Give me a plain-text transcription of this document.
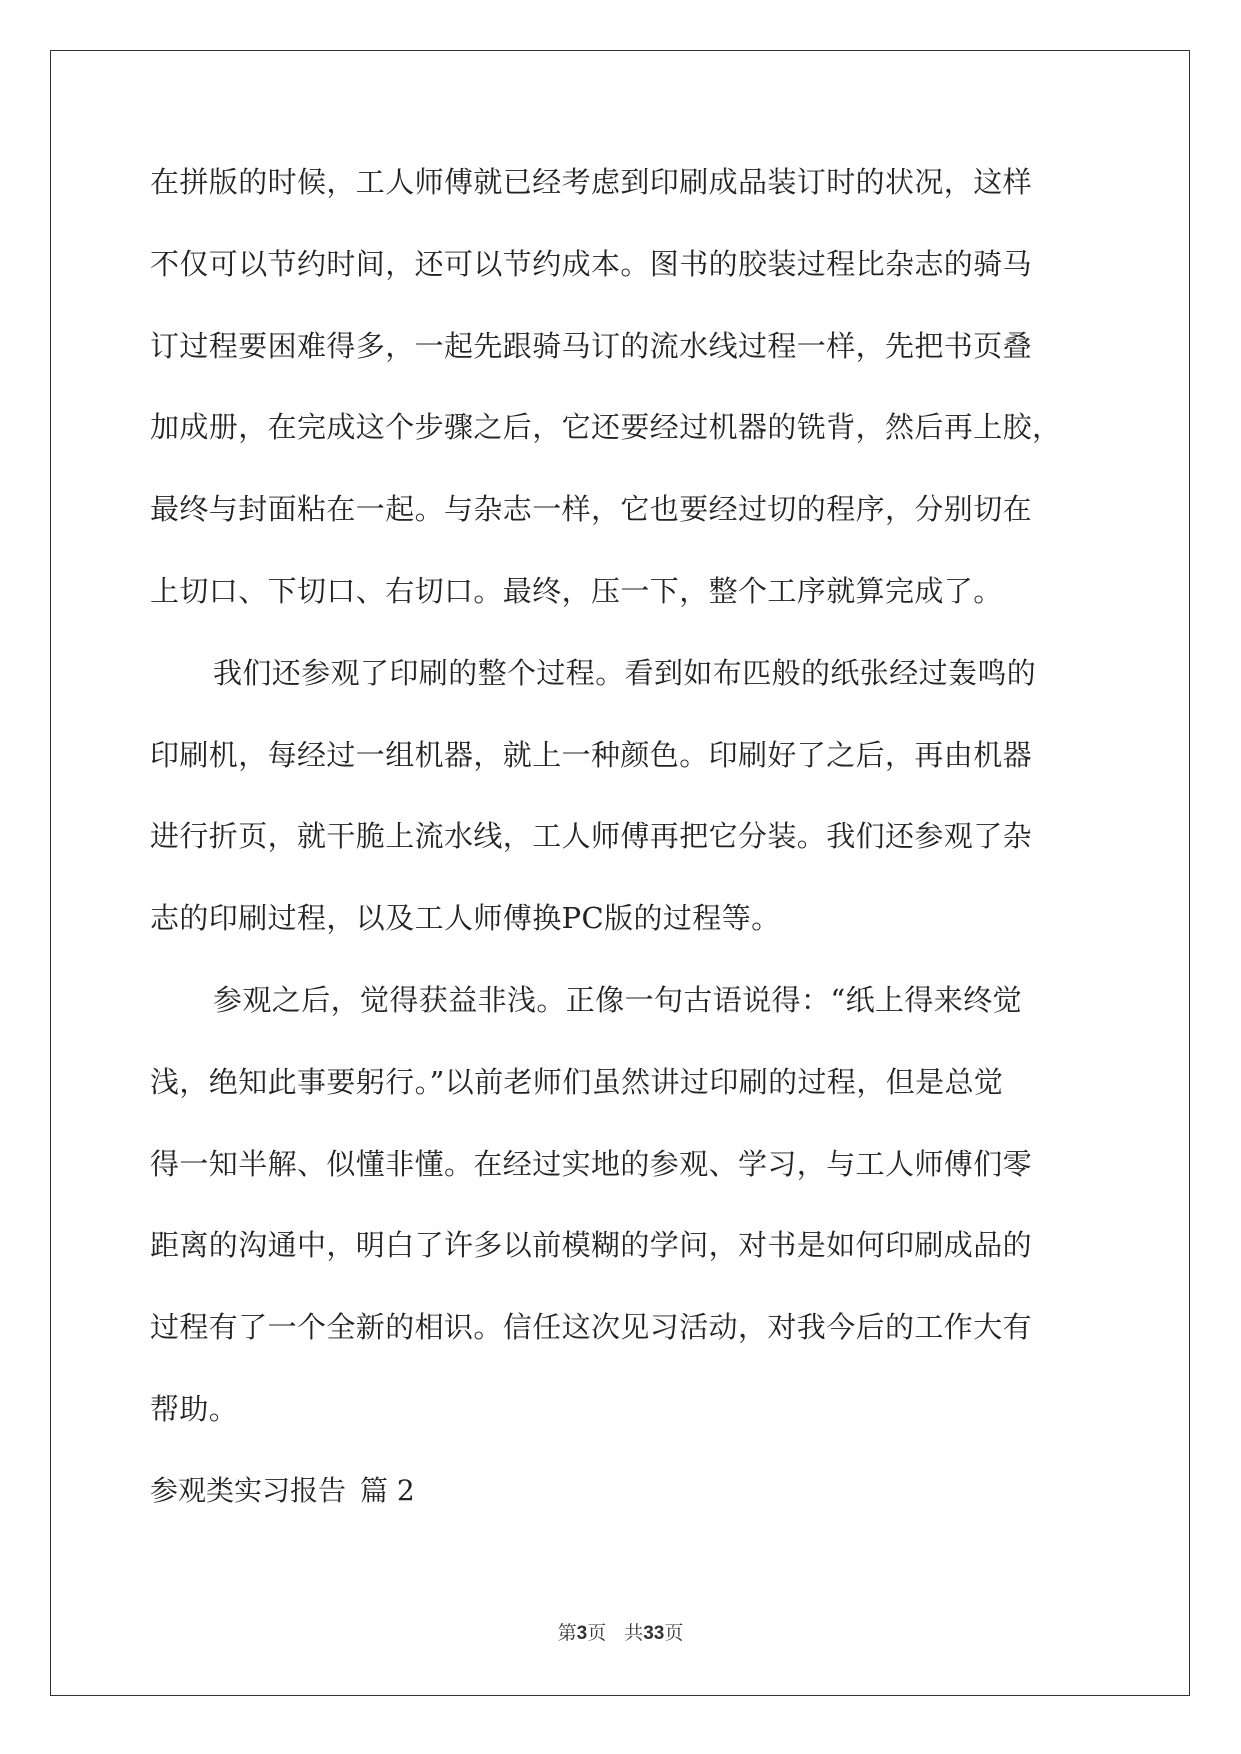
在拼版的时候，工人师傅就已经考虑到印刷成品装订时的状况，这样
不仅可以节约时间，还可以节约成本。图书的胶装过程比杂志的骑马
订过程要困难得多，一起先跟骑马订的流水线过程一样，先把书页叠
加成册，在完成这个步骤之后，它还要经过机器的铣背，然后再上胶，
最终与封面粘在一起。与杂志一样，它也要经过切的程序，分别切在
上切口、下切口、右切口。最终，压一下，整个工序就算完成了。
我们还参观了印刷的整个过程。看到如布匹般的纸张经过轰鸣的
印刷机，每经过一组机器，就上一种颜色。印刷好了之后，再由机器
进行折页，就干脆上流水线，工人师傅再把它分装。我们还参观了杂
志的印刷过程，以及工人师傅换PC版的过程等。
参观之后，觉得获益非浅。正像一句古语说得：“纸上得来终觉
浅，绝知此事要躬行。”以前老师们虽然讲过印刷的过程，但是总觉
得一知半解、似懂非懂。在经过实地的参观、学习，与工人师傅们零
距离的沟通中，明白了许多以前模糊的学问，对书是如何印刷成品的
过程有了一个全新的相识。信任这次见习活动，对我今后的工作大有
帮助。
参观类实习报告 篇 2
第3页 共33页
